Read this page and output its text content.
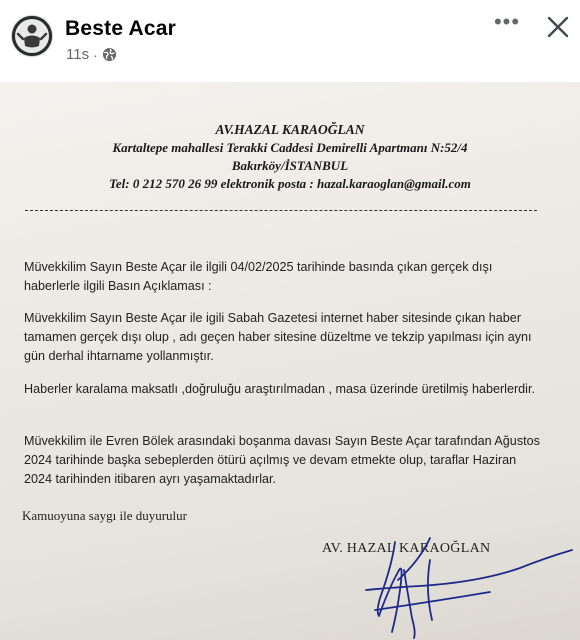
Beste Acar
11s ·
•••
AV.HAZAL KARAOĞLAN
Kartaltepe mahallesi Terakki Caddesi Demirelli Apartmanı N:52/4
Bakırköy/İSTANBUL
Tel: 0 212 570 26 99 elektronik posta : hazal.karaoglan@gmail.com
Müvekkilim Sayın Beste Açar ile ilgili 04/02/2025 tarihinde basında çıkan gerçek dışı haberlerle ilgili Basın Açıklaması :
Müvekkilim Sayın Beste Açar ile igili Sabah Gazetesi internet haber sitesinde çıkan haber tamamen gerçek dışı olup , adı geçen haber sitesine düzeltme ve tekzip yapılması için aynı gün derhal ihtarname yollanmıştır.
Haberler karalama maksatlı ,doğruluğu araştırılmadan , masa üzerinde üretilmiş haberlerdir.
Müvekkilim ile Evren Bölek arasındaki boşanma davası Sayın Beste Açar tarafından Ağustos 2024 tarihinde başka sebeplerden ötürü açılmış ve devam etmekte olup, taraflar Haziran 2024 tarihinden itibaren ayrı yaşamaktadırlar.
Kamuoyuna saygı ile duyurulur
AV. HAZAL KARAOĞLAN
